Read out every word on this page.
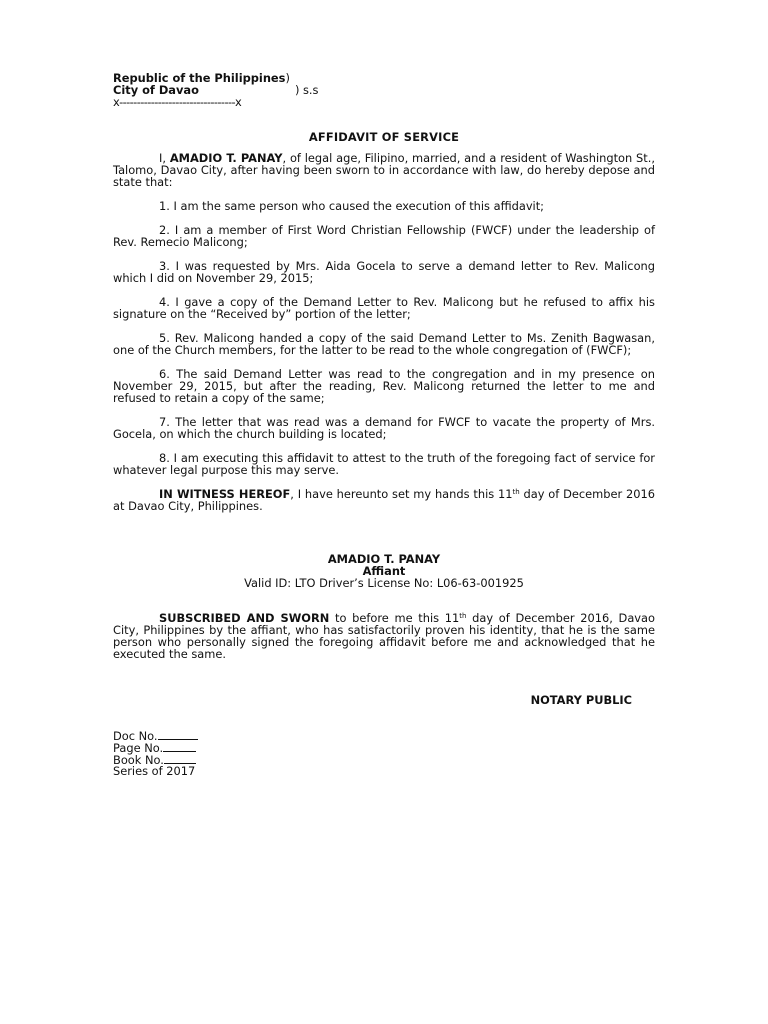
Republic of the Philippines )
City of Davao	) s.s
x---------------------------------x
AFFIDAVIT OF SERVICE

I, AMADIO T. PANAY, of legal age, Filipino, married, and a resident of Washington St., Talomo, Davao City, after having been sworn to in accordance with law, do hereby depose and state that:

1. I am the same person who caused the execution of this affidavit;

2. I am a member of First Word Christian Fellowship (FWCF) under the leadership of Rev. Remecio Malicong;

3. I was requested by Mrs. Aida Gocela to serve a demand letter to Rev. Malicong which I did on November 29, 2015;

4. I gave a copy of the Demand Letter to Rev. Malicong but he refused to affix his signature on the “Received by” portion of the letter;

5. Rev. Malicong handed a copy of the said Demand Letter to Ms. Zenith Bagwasan, one of the Church members, for the latter to be read to the whole congregation of (FWCF);

6. The said Demand Letter was read to the congregation and in my presence on November 29, 2015, but after the reading, Rev. Malicong returned the letter to me and refused to retain a copy of the same;

7. The letter that was read was a demand for FWCF to vacate the property of Mrs. Gocela, on which the church building is located;

8. I am executing this affidavit to attest to the truth of the foregoing fact of service for whatever legal purpose this may serve.

IN WITNESS HEREOF, I have hereunto set my hands this 11th day of December 2016 at Davao City, Philippines.

AMADIO T. PANAY
Affiant
Valid ID: LTO Driver’s License No: L06-63-001925

SUBSCRIBED AND SWORN to before me this 11th day of December 2016, Davao City, Philippines by the affiant, who has satisfactorily proven his identity, that he is the same person who personally signed the foregoing affidavit before me and acknowledged that he executed the same.

NOTARY PUBLIC
Doc No.
Page No.
Book No.
Series of 2017
